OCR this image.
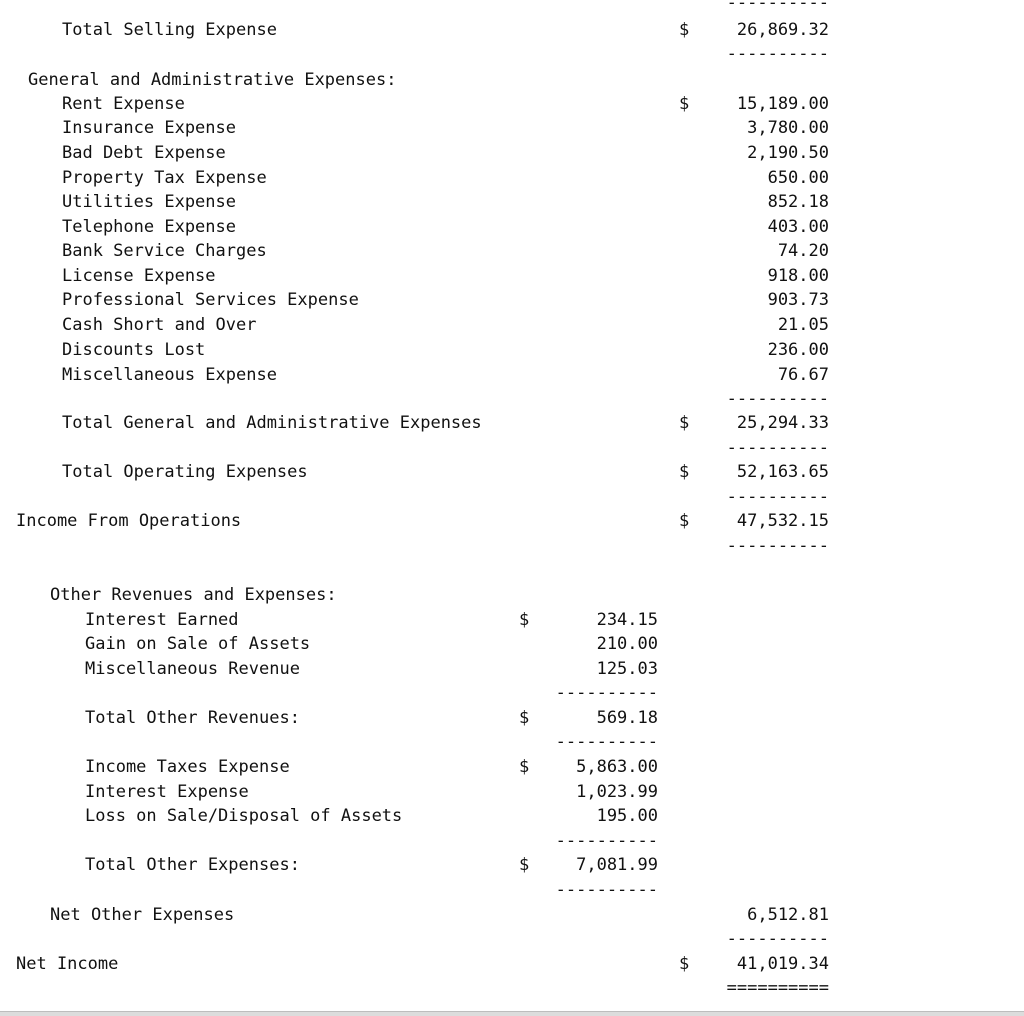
----------
Total Selling Expense	$	26,869.32
----------
General and Administrative Expenses:
Rent Expense	$	15,189.00
Insurance Expense	3,780.00
Bad Debt Expense	2,190.50
Property Tax Expense	650.00
Utilities Expense	852.18
Telephone Expense	403.00
Bank Service Charges	74.20
License Expense	918.00
Professional Services Expense	903.73
Cash Short and Over	21.05
Discounts Lost	236.00
Miscellaneous Expense	76.67
----------
Total General and Administrative Expenses	$	25,294.33
----------
Total Operating Expenses	$	52,163.65
----------
Income From Operations	$	47,532.15
----------
Other Revenues and Expenses:
Interest Earned	$	234.15
Gain on Sale of Assets	210.00
Miscellaneous Revenue	125.03
----------
Total Other Revenues:	$	569.18
----------
Income Taxes Expense	$	5,863.00
Interest Expense	1,023.99
Loss on Sale/Disposal of Assets	195.00
----------
Total Other Expenses:	$	7,081.99
----------
Net Other Expenses	6,512.81
----------
Net Income	$	41,019.34
==========
